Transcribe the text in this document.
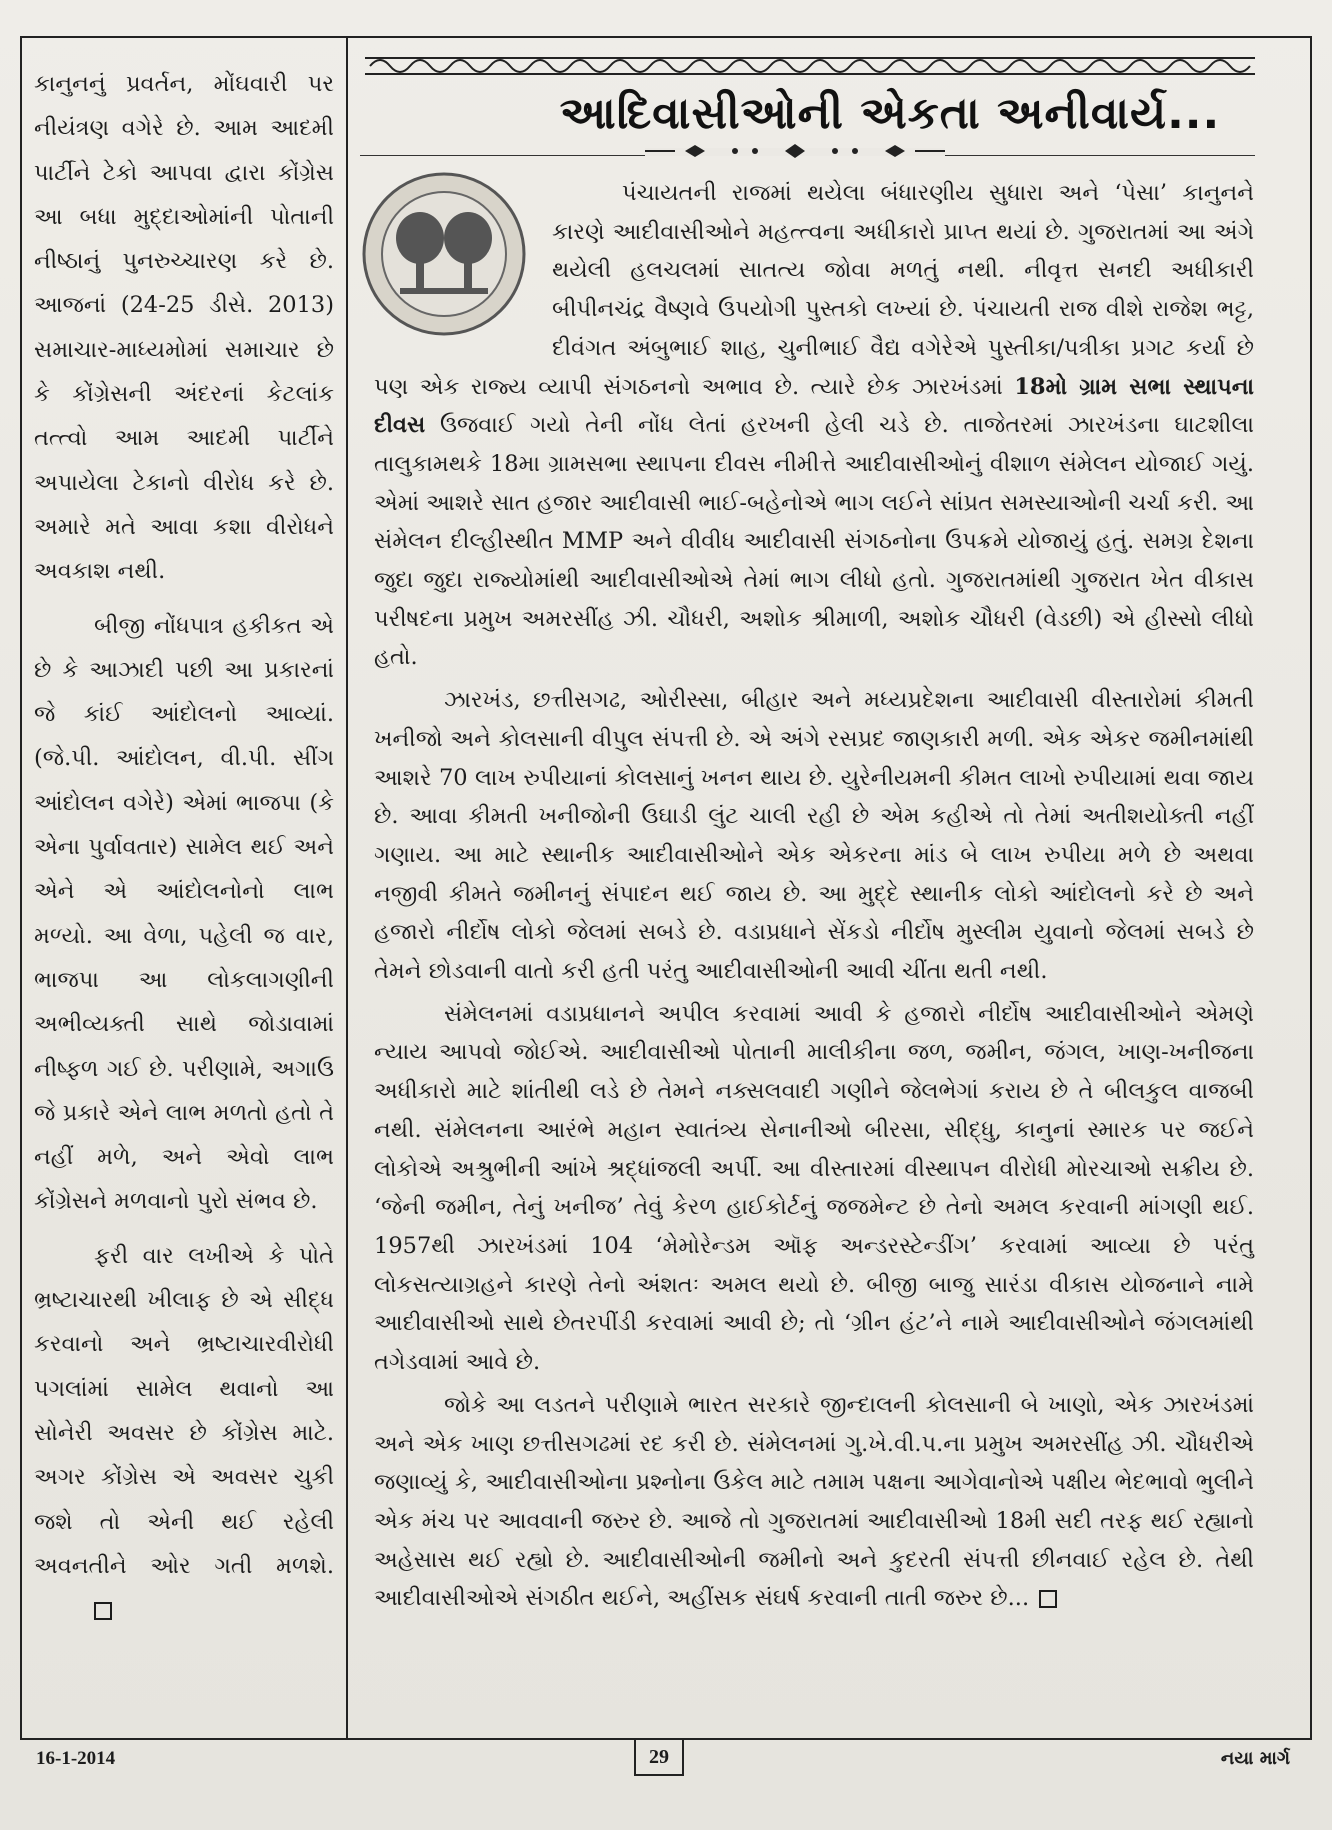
કાનુનનું પ્રવર્તન, મોંઘવારી પર નીયંત્રણ વગેરે છે. આમ આદમી પાર્ટીને ટેકો આપવા દ્વારા કોંગ્રેસ આ બધા મુદ્દાઓમાંની પોતાની નીષ્ઠાનું પુનરુચ્ચારણ કરે છે. આજનાં (24-25 ડીસે. 2013) સમાચાર-માધ્યમોમાં સમાચાર છે કે કોંગ્રેસની અંદરનાં કેટલાંક તત્ત્વો આમ આદમી પાર્ટીને અપાયેલા ટેકાનો વીરોધ કરે છે. અમારે મતે આવા કશા વીરોધને અવકાશ નથી.

બીજી નોંધપાત્ર હકીકત એ છે કે આઝાદી પછી આ પ્રકારનાં જે કાંઈ આંદોલનો આવ્યાં. (જે.પી. આંદોલન, વી.પી. સીંગ આંદોલન વગેરે) એમાં ભાજપા (કે એના પુર્વાવતાર) સામેલ થઈ અને એને એ આંદોલનોનો લાભ મળ્યો. આ વેળા, પહેલી જ વાર, ભાજપા આ લોકલાગણીની અભીવ્યક્તી સાથે જોડાવામાં નીષ્ફળ ગઈ છે. પરીણામે, અગાઉ જે પ્રકારે એને લાભ મળતો હતો તે નહીં મળે, અને એવો લાભ કોંગ્રેસને મળવાનો પુરો સંભવ છે.

ફરી વાર લખીએ કે પોતે ભ્રષ્ટાચારથી ખીલાફ છે એ સીદ્ધ કરવાનો અને ભ્રષ્ટાચારવીરોધી પગલાંમાં સામેલ થવાનો આ સોનેરી અવસર છે કોંગ્રેસ માટે. અગર કોંગ્રેસ એ અવસર ચુકી જશે તો એની થઈ રહેલી અવનતીને ઓર ગતી મળશે.

આદિવાસીઓની એકતા અનીવાર્ય...

પંચાયતની રાજમાં થયેલા બંધારણીય સુધારા અને ‘પેસા’ કાનુનને કારણે આદીવાસીઓને મહત્ત્વના અધીકારો પ્રાપ્ત થયાં છે. ગુજરાતમાં આ અંગે થયેલી હલચલમાં સાતત્ય જોવા મળતું નથી. નીવૃત્ત સનદી અધીકારી બીપીનચંદ્ર વૈષ્ણવે ઉપયોગી પુસ્તકો લખ્યાં છે. પંચાયતી રાજ વીશે રાજેશ ભટ્ટ, દીવંગત અંબુભાઈ શાહ, ચુનીભાઈ વૈદ્ય વગેરેએ પુસ્તીકા/પત્રીકા પ્રગટ કર્યા છે પણ એક રાજ્ય વ્યાપી સંગઠનનો અભાવ છે. ત્યારે છેક ઝારખંડમાં 18મો ગ્રામ સભા સ્થાપના દીવસ ઉજવાઈ ગયો તેની નોંધ લેતાં હરખની હેલી ચડે છે. તાજેતરમાં ઝારખંડના ઘાટશીલા તાલુકામથકે 18મા ગ્રામસભા સ્થાપના દીવસ નીમીત્તે આદીવાસીઓનું વીશાળ સંમેલન યોજાઈ ગયું. એમાં આશરે સાત હજાર આદીવાસી ભાઈ-બહેનોએ ભાગ લઈને સાંપ્રત સમસ્યાઓની ચર્ચા કરી. આ સંમેલન દીલ્હીસ્થીત MMP અને વીવીધ આદીવાસી સંગઠનોના ઉપક્રમે યોજાયું હતું. સમગ્ર દેશના જુદા જુદા રાજ્યોમાંથી આદીવાસીઓએ તેમાં ભાગ લીધો હતો. ગુજરાતમાંથી ગુજરાત ખેત વીકાસ પરીષદના પ્રમુખ અમરસીંહ ઝી. ચૌધરી, અશોક શ્રીમાળી, અશોક ચૌધરી (વેડછી) એ હીસ્સો લીધો હતો.

ઝારખંડ, છત્તીસગઢ, ઓરીસ્સા, બીહાર અને મધ્યપ્રદેશના આદીવાસી વીસ્તારોમાં કીમતી ખનીજો અને કોલસાની વીપુલ સંપત્તી છે. એ અંગે રસપ્રદ જાણકારી મળી. એક એકર જમીનમાંથી આશરે 70 લાખ રુપીયાનાં કોલસાનું ખનન થાય છે. યુરેનીયમની કીમત લાખો રુપીયામાં થવા જાય છે. આવા કીમતી ખનીજોની ઉઘાડી લુંટ ચાલી રહી છે એમ કહીએ તો તેમાં અતીશયોક્તી નહીં ગણાય. આ માટે સ્થાનીક આદીવાસીઓને એક એકરના માંડ બે લાખ રુપીયા મળે છે અથવા નજીવી કીમતે જમીનનું સંપાદન થઈ જાય છે. આ મુદ્દે સ્થાનીક લોકો આંદોલનો કરે છે અને હજારો નીર્દોષ લોકો જેલમાં સબડે છે. વડાપ્રધાને સેંકડો નીર્દોષ મુસ્લીમ યુવાનો જેલમાં સબડે છે તેમને છોડવાની વાતો કરી હતી પરંતુ આદીવાસીઓની આવી ચીંતા થતી નથી.

સંમેલનમાં વડાપ્રધાનને અપીલ કરવામાં આવી કે હજારો નીર્દોષ આદીવાસીઓને એમણે ન્યાય આપવો જોઈએ. આદીવાસીઓ પોતાની માલીકીના જળ, જમીન, જંગલ, ખાણ-ખનીજના અધીકારો માટે શાંતીથી લડે છે તેમને નક્સલવાદી ગણીને જેલભેગાં કરાય છે તે બીલકુલ વાજબી નથી. સંમેલનના આરંભે મહાન સ્વાતંત્ર્ય સેનાનીઓ બીરસા, સીદ્ધુ, કાનુનાં સ્મારક પર જઈને લોકોએ અશ્રુભીની આંખે શ્રદ્ધાંજલી અર્પી. આ વીસ્તારમાં વીસ્થાપન વીરોધી મોરચાઓ સક્રીય છે. ‘જેની જમીન, તેનું ખનીજ’ તેવું કેરળ હાઈકોર્ટનું જજમેન્ટ છે તેનો અમલ કરવાની માંગણી થઈ. 1957થી ઝારખંડમાં 104 ‘મેમોરેન્ડમ ઑફ અન્ડરસ્ટેન્ડીંગ’ કરવામાં આવ્યા છે પરંતુ લોકસત્યાગ્રહને કારણે તેનો અંશતઃ અમલ થયો છે. બીજી બાજુ સારંડા વીકાસ યોજનાને નામે આદીવાસીઓ સાથે છેતરપીંડી કરવામાં આવી છે; તો ‘ગ્રીન હંટ’ને નામે આદીવાસીઓને જંગલમાંથી તગેડવામાં આવે છે.

જોકે આ લડતને પરીણામે ભારત સરકારે જીન્દાલની કોલસાની બે ખાણો, એક ઝારખંડમાં અને એક ખાણ છત્તીસગઢમાં રદ કરી છે. સંમેલનમાં ગુ.ખે.વી.પ.ના પ્રમુખ અમરસીંહ ઝી. ચૌધરીએ જણાવ્યું કે, આદીવાસીઓના પ્રશ્નોના ઉકેલ માટે તમામ પક્ષના આગેવાનોએ પક્ષીય ભેદભાવો ભુલીને એક મંચ પર આવવાની જરુર છે. આજે તો ગુજરાતમાં આદીવાસીઓ 18મી સદી તરફ થઈ રહ્યાનો અહેસાસ થઈ રહ્યો છે. આદીવાસીઓની જમીનો અને કુદરતી સંપત્તી છીનવાઈ રહેલ છે. તેથી આદીવાસીઓએ સંગઠીત થઈને, અહીંસક સંઘર્ષ કરવાની તાતી જરુર છે...

16-1-2014	29	નયા માર્ગ
